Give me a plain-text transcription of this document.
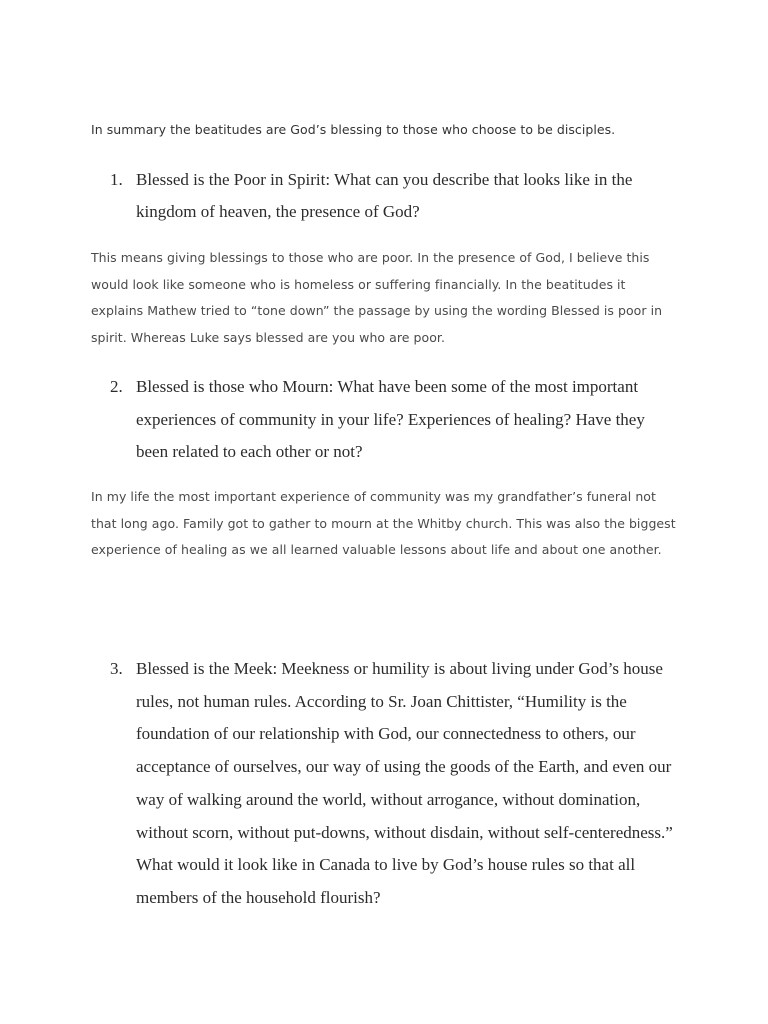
In summary the beatitudes are God’s blessing to those who choose to be disciples.

1. Blessed is the Poor in Spirit: What can you describe that looks like in the kingdom of heaven, the presence of God?

This means giving blessings to those who are poor. In the presence of God, I believe this would look like someone who is homeless or suffering financially. In the beatitudes it explains Mathew tried to “tone down” the passage by using the wording Blessed is poor in spirit. Whereas Luke says blessed are you who are poor.

2. Blessed is those who Mourn: What have been some of the most important experiences of community in your life? Experiences of healing? Have they been related to each other or not?

In my life the most important experience of community was my grandfather’s funeral not that long ago. Family got to gather to mourn at the Whitby church. This was also the biggest experience of healing as we all learned valuable lessons about life and about one another.

3. Blessed is the Meek: Meekness or humility is about living under God’s house rules, not human rules. According to Sr. Joan Chittister, “Humility is the foundation of our relationship with God, our connectedness to others, our acceptance of ourselves, our way of using the goods of the Earth, and even our way of walking around the world, without arrogance, without domination, without scorn, without put-downs, without disdain, without self-centeredness.” What would it look like in Canada to live by God’s house rules so that all members of the household flourish?
